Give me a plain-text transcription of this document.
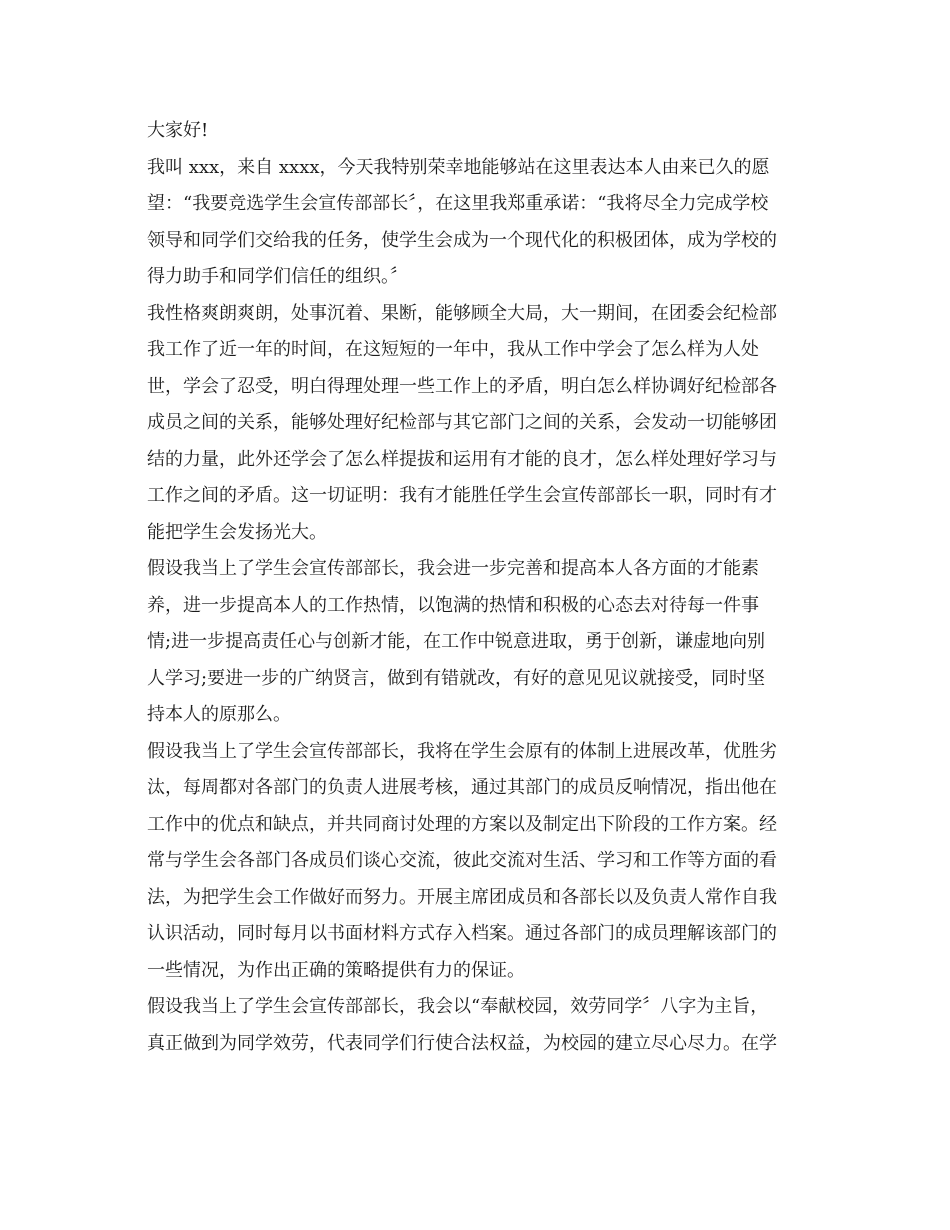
大家好!
我叫 xxx，来自 xxxx，今天我特别荣幸地能够站在这里表达本人由来已久的愿
望：“我要竞选学生会宣传部部长〞，在这里我郑重承诺：“我将尽全力完成学校
领导和同学们交给我的任务，使学生会成为一个现代化的积极团体，成为学校的
得力助手和同学们信任的组织。〞
我性格爽朗爽朗，处事沉着、果断，能够顾全大局，大一期间，在团委会纪检部
我工作了近一年的时间，在这短短的一年中，我从工作中学会了怎么样为人处
世，学会了忍受，明白得理处理一些工作上的矛盾，明白怎么样协调好纪检部各
成员之间的关系，能够处理好纪检部与其它部门之间的关系，会发动一切能够团
结的力量，此外还学会了怎么样提拔和运用有才能的良才，怎么样处理好学习与
工作之间的矛盾。这一切证明：我有才能胜任学生会宣传部部长一职，同时有才
能把学生会发扬光大。
假设我当上了学生会宣传部部长，我会进一步完善和提高本人各方面的才能素
养，进一步提高本人的工作热情，以饱满的热情和积极的心态去对待每一件事
情;进一步提高责任心与创新才能，在工作中锐意进取，勇于创新，谦虚地向别
人学习;要进一步的广纳贤言，做到有错就改，有好的意见见议就接受，同时坚
持本人的原那么。
假设我当上了学生会宣传部部长，我将在学生会原有的体制上进展改革，优胜劣
汰，每周都对各部门的负责人进展考核，通过其部门的成员反响情况，指出他在
工作中的优点和缺点，并共同商讨处理的方案以及制定出下阶段的工作方案。经
常与学生会各部门各成员们谈心交流，彼此交流对生活、学习和工作等方面的看
法，为把学生会工作做好而努力。开展主席团成员和各部长以及负责人常作自我
认识活动，同时每月以书面材料方式存入档案。通过各部门的成员理解该部门的
一些情况，为作出正确的策略提供有力的保证。
假设我当上了学生会宣传部部长，我会以“奉献校园，效劳同学〞八字为主旨，
真正做到为同学效劳，代表同学们行使合法权益，为校园的建立尽心尽力。在学
